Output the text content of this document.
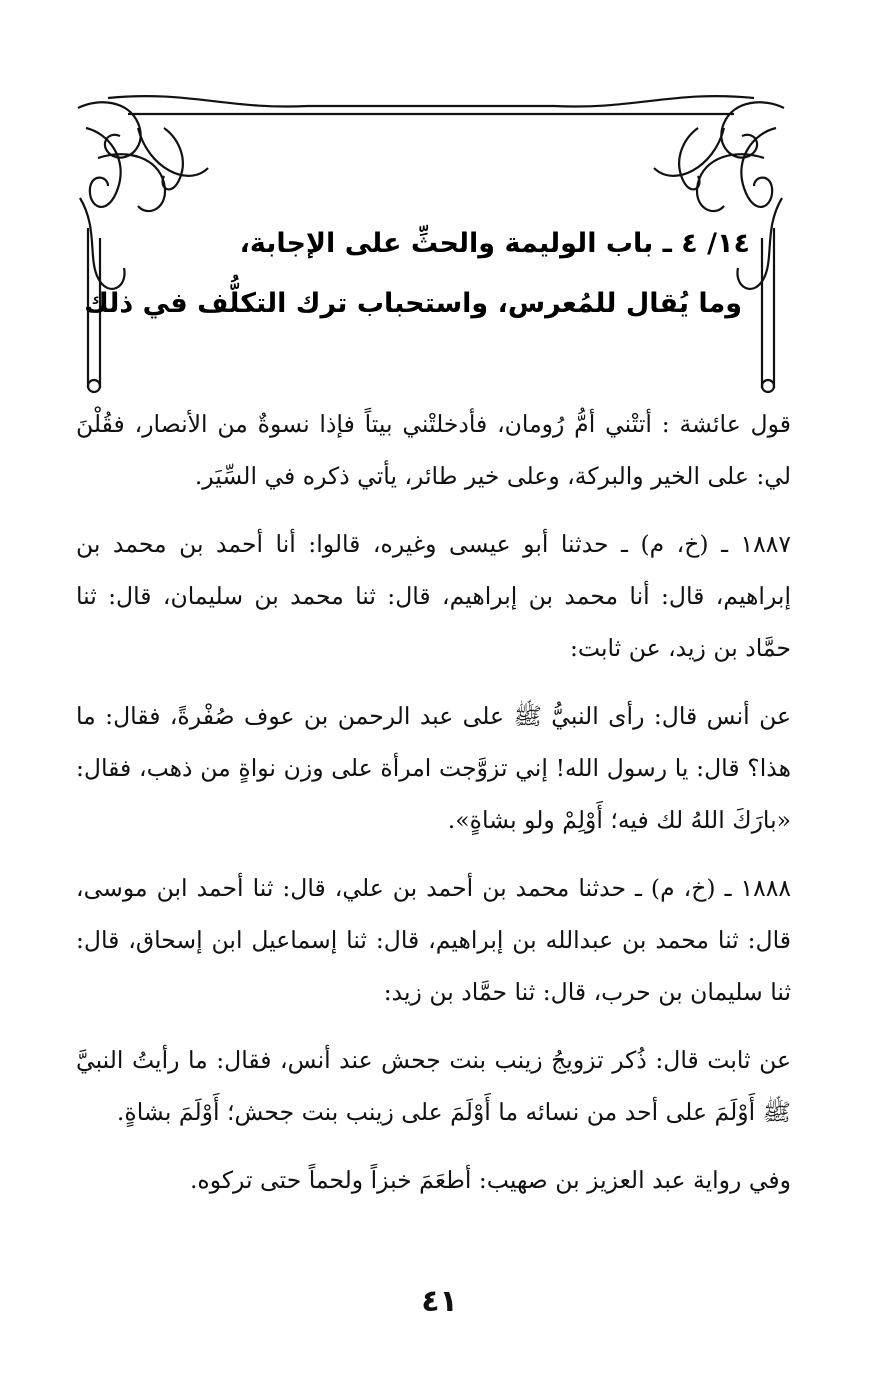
١٤/ ٤ ـ باب الوليمة والحثِّ على الإجابة،
وما يُقال للمُعرس، واستحباب ترك التكلُّف في ذلك

قول عائشة : أتتْني أمُّ رُومان، فأدخلتْني بيتاً فإذا نسوةٌ من الأنصار، فقُلْنَ لي: على الخير والبركة، وعلى خير طائر، يأتي ذكره في السِّيَر.

١٨٨٧ ـ (خ، م) ـ حدثنا أبو عيسى وغيره، قالوا: أنا أحمد بن محمد بن إبراهيم، قال: أنا محمد بن إبراهيم، قال: ثنا محمد بن سليمان، قال: ثنا حمَّاد بن زيد، عن ثابت:

عن أنس قال: رأى النبيُّ ﷺ على عبد الرحمن بن عوف صُفْرةً، فقال: ما هذا؟ قال: يا رسول الله! إني تزوَّجت امرأة على وزن نواةٍ من ذهب، فقال: «بارَكَ اللهُ لك فيه؛ أَوْلِمْ ولو بشاةٍ».

١٨٨٨ ـ (خ، م) ـ حدثنا محمد بن أحمد بن علي، قال: ثنا أحمد ابن موسى، قال: ثنا محمد بن عبدالله بن إبراهيم، قال: ثنا إسماعيل ابن إسحاق، قال: ثنا سليمان بن حرب، قال: ثنا حمَّاد بن زيد:

عن ثابت قال: ذُكر تزويجُ زينب بنت جحش عند أنس، فقال: ما رأيتُ النبيَّ ﷺ أَوْلَمَ على أحد من نسائه ما أَوْلَمَ على زينب بنت جحش؛ أَوْلَمَ بشاةٍ.

وفي رواية عبد العزيز بن صهيب: أطعَمَ خبزاً ولحماً حتى تركوه.

٤١
